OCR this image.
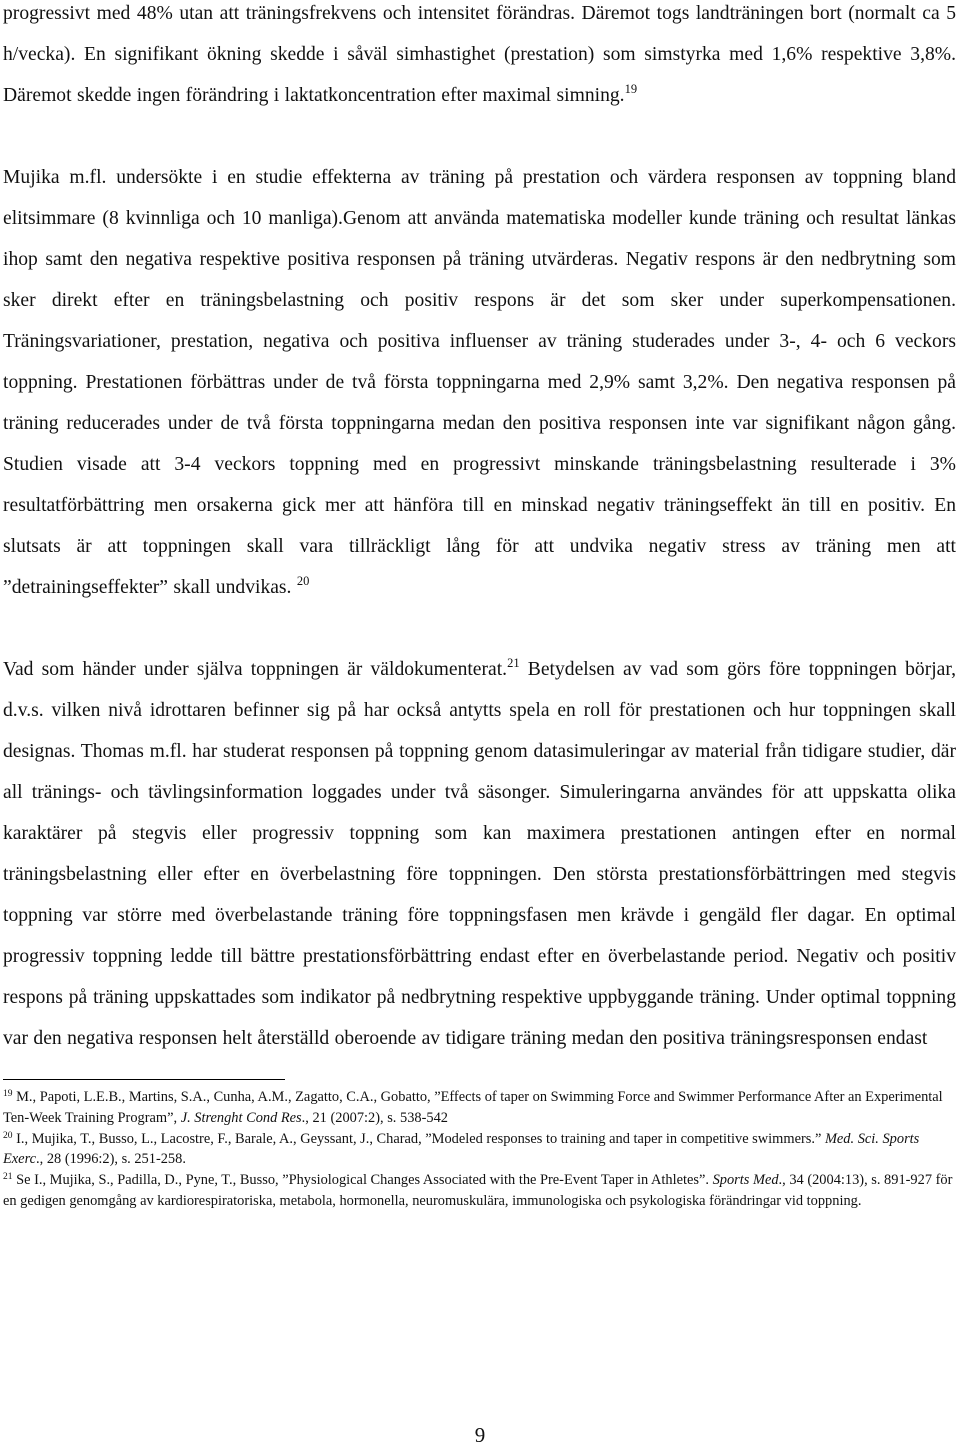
progressivt med 48% utan att träningsfrekvens och intensitet förändras. Däremot togs landträningen bort (normalt ca 5 h/vecka). En signifikant ökning skedde i såväl simhastighet (prestation) som simstyrka med 1,6% respektive 3,8%. Däremot skedde ingen förändring i laktatkoncentration efter maximal simning.$^{19}$

Mujika m.fl. undersökte i en studie effekterna av träning på prestation och värdera responsen av toppning bland elitsimmare (8 kvinnliga och 10 manliga).Genom att använda matematiska modeller kunde träning och resultat länkas ihop samt den negativa respektive positiva responsen på träning utvärderas. Negativ respons är den nedbrytning som sker direkt efter en träningsbelastning och positiv respons är det som sker under superkompensationen. Träningsvariationer, prestation, negativa och positiva influenser av träning studerades under 3-, 4- och 6 veckors toppning. Prestationen förbättras under de två första toppningarna med 2,9% samt 3,2%. Den negativa responsen på träning reducerades under de två första toppningarna medan den positiva responsen inte var signifikant någon gång. Studien visade att 3-4 veckors toppning med en progressivt minskande träningsbelastning resulterade i 3% resultatförbättring men orsakerna gick mer att hänföra till en minskad negativ träningseffekt än till en positiv. En slutsats är att toppningen skall vara tillräckligt lång för att undvika negativ stress av träning men att ”detrainingseffekter” skall undvikas. $^{20}$

Vad som händer under själva toppningen är väldokumenterat.$^{21}$ Betydelsen av vad som görs före toppningen börjar, d.v.s. vilken nivå idrottaren befinner sig på har också antytts spela en roll för prestationen och hur toppningen skall designas. Thomas m.fl. har studerat responsen på toppning genom datasimuleringar av material från tidigare studier, där all tränings- och tävlingsinformation loggades under två säsonger. Simuleringarna användes för att uppskatta olika karaktärer på stegvis eller progressiv toppning som kan maximera prestationen antingen efter en normal träningsbelastning eller efter en överbelastning före toppningen. Den största prestationsförbättringen med stegvis toppning var större med överbelastande träning före toppningsfasen men krävde i gengäld fler dagar. En optimal progressiv toppning ledde till bättre prestationsförbättring endast efter en överbelastande period. Negativ och positiv respons på träning uppskattades som indikator på nedbrytning respektive uppbyggande träning. Under optimal toppning var den negativa responsen helt återställd oberoende av tidigare träning medan den positiva träningsresponsen endast

$^{19}$ M., Papoti, L.E.B., Martins, S.A., Cunha, A.M., Zagatto, C.A., Gobatto, ”Effects of taper on Swimming Force and Swimmer Performance After an Experimental Ten-Week Training Program”, J. Strenght Cond Res., 21 (2007:2), s. 538-542

$^{20}$ I., Mujika, T., Busso, L., Lacostre, F., Barale, A., Geyssant, J., Charad, ”Modeled responses to training and taper in competitive swimmers.” Med. Sci. Sports Exerc., 28 (1996:2), s. 251-258.

$^{21}$ Se I., Mujika, S., Padilla, D., Pyne, T., Busso, ”Physiological Changes Associated with the Pre-Event Taper in Athletes”. Sports Med., 34 (2004:13), s. 891-927 för en gedigen genomgång av kardiorespiratoriska, metabola, hormonella, neuromuskulära, immunologiska och psykologiska förändringar vid toppning.

9
